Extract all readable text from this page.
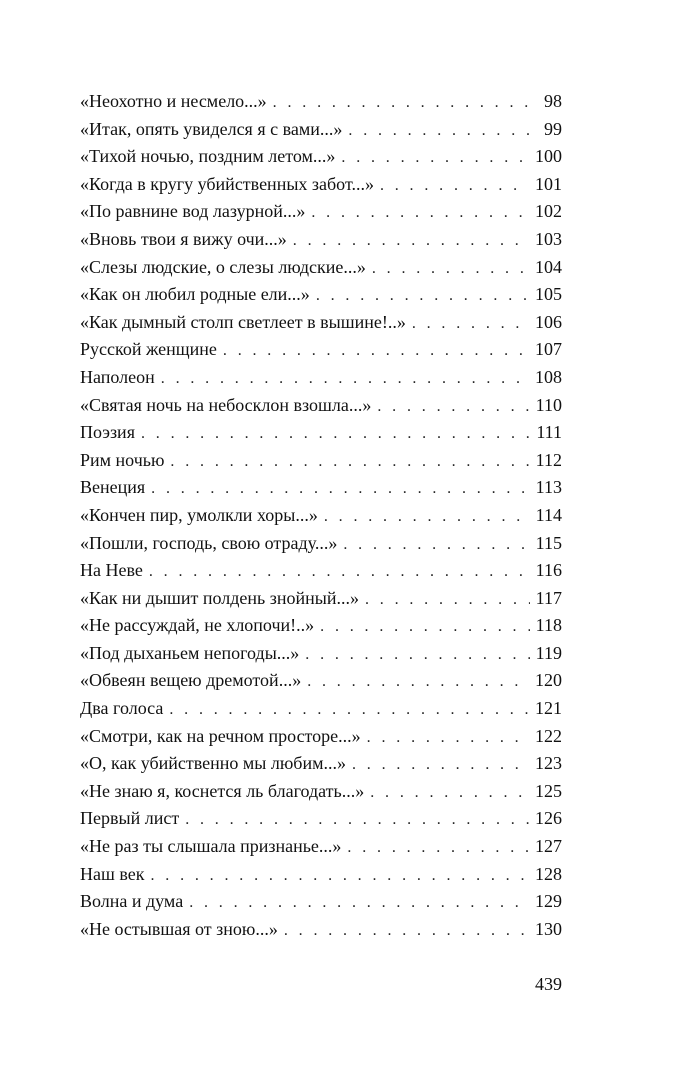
«Неохотно и несмело...» . . .	98
«Итак, опять увиделся я с вами...» . . .	99
«Тихой ночью, поздним летом...» . . .	100
«Когда в кругу убийственных забот...» . . .	101
«По равнине вод лазурной...» . . .	102
«Вновь твои я вижу очи...» . . .	103
«Слезы людские, о слезы людские...» . . .	104
«Как он любил родные ели...» . . .	105
«Как дымный столп светлеет в вышине!..» . . .	106
Русской женщине . . .	107
Наполеон . . .	108
«Святая ночь на небосклон взошла...» . . .	110
Поэзия . . .	111
Рим ночью . . .	112
Венеция . . .	113
«Кончен пир, умолкли хоры...» . . .	114
«Пошли, господь, свою отраду...» . . .	115
На Неве . . .	116
«Как ни дышит полдень знойный...» . . .	117
«Не рассуждай, не хлопочи!..» . . .	118
«Под дыханьем непогоды...» . . .	119
«Обвеян вещею дремотой...» . . .	120
Два голоса . . .	121
«Смотри, как на речном просторе...» . . .	122
«О, как убийственно мы любим...» . . .	123
«Не знаю я, коснется ль благодать...» . . .	125
Первый лист . . .	126
«Не раз ты слышала признанье...» . . .	127
Наш век . . .	128
Волна и дума . . .	129
«Не остывшая от зною...» . . .	130
439
